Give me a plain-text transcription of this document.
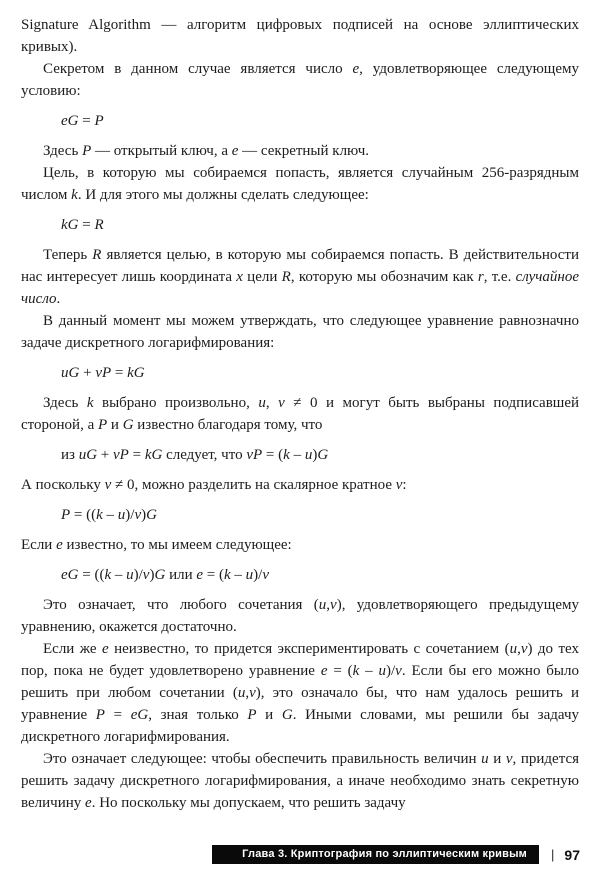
Signature Algorithm — алгоритм цифровых подписей на основе эллиптических кривых).

Секретом в данном случае является число e, удовлетворяющее следующему условию:

eG = P

Здесь P — открытый ключ, а e — секретный ключ.

Цель, в которую мы собираемся попасть, является случайным 256-разрядным числом k. И для этого мы должны сделать следующее:

kG = R

Теперь R является целью, в которую мы собираемся попасть. В действительности нас интересует лишь координата x цели R, которую мы обозначим как r, т.е. случайное число.

В данный момент мы можем утверждать, что следующее уравнение равнозначно задаче дискретного логарифмирования:

uG + vP = kG

Здесь k выбрано произвольно, u, v ≠ 0 и могут быть выбраны подписавшей стороной, а P и G известно благодаря тому, что

из uG + vP = kG следует, что vP = (k – u)G

А поскольку v ≠ 0, можно разделить на скалярное кратное v:

P = ((k – u)/v)G

Если e известно, то мы имеем следующее:

eG = ((k – u)/v)G или e = (k – u)/v

Это означает, что любого сочетания (u,v), удовлетворяющего предыдущему уравнению, окажется достаточно.

Если же e неизвестно, то придется экспериментировать с сочетанием (u,v) до тех пор, пока не будет удовлетворено уравнение e = (k – u)/v. Если бы его можно было решить при любом сочетании (u,v), это означало бы, что нам удалось решить и уравнение P = eG, зная только P и G. Иными словами, мы решили бы задачу дискретного логарифмирования.

Это означает следующее: чтобы обеспечить правильность величин u и v, придется решить задачу дискретного логарифмирования, а иначе необходимо знать секретную величину e. Но поскольку мы допускаем, что решить задачу

Глава 3. Криптография по эллиптическим кривым	| 97
